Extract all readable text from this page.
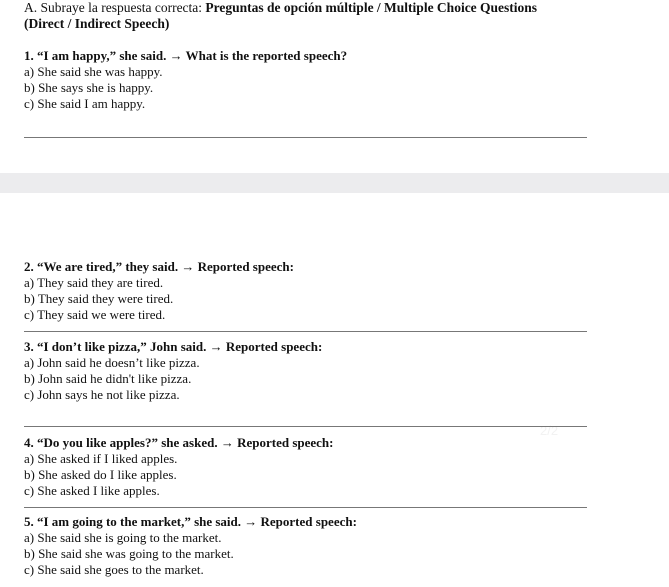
A. Subraye la respuesta correcta: Preguntas de opción múltiple / Multiple Choice Questions
(Direct / Indirect Speech)
1. “I am happy,” she said. → What is the reported speech?
a) She said she was happy.
b) She says she is happy.
c) She said I am happy.
2. “We are tired,” they said. → Reported speech:
a) They said they are tired.
b) They said they were tired.
c) They said we were tired.
3. “I don’t like pizza,” John said. → Reported speech:
a) John said he doesn’t like pizza.
b) John said he didn't like pizza.
c) John says he not like pizza.
2/2
4. “Do you like apples?” she asked. → Reported speech:
a) She asked if I liked apples.
b) She asked do I like apples.
c) She asked I like apples.
5. “I am going to the market,” she said. → Reported speech:
a) She said she is going to the market.
b) She said she was going to the market.
c) She said she goes to the market.
